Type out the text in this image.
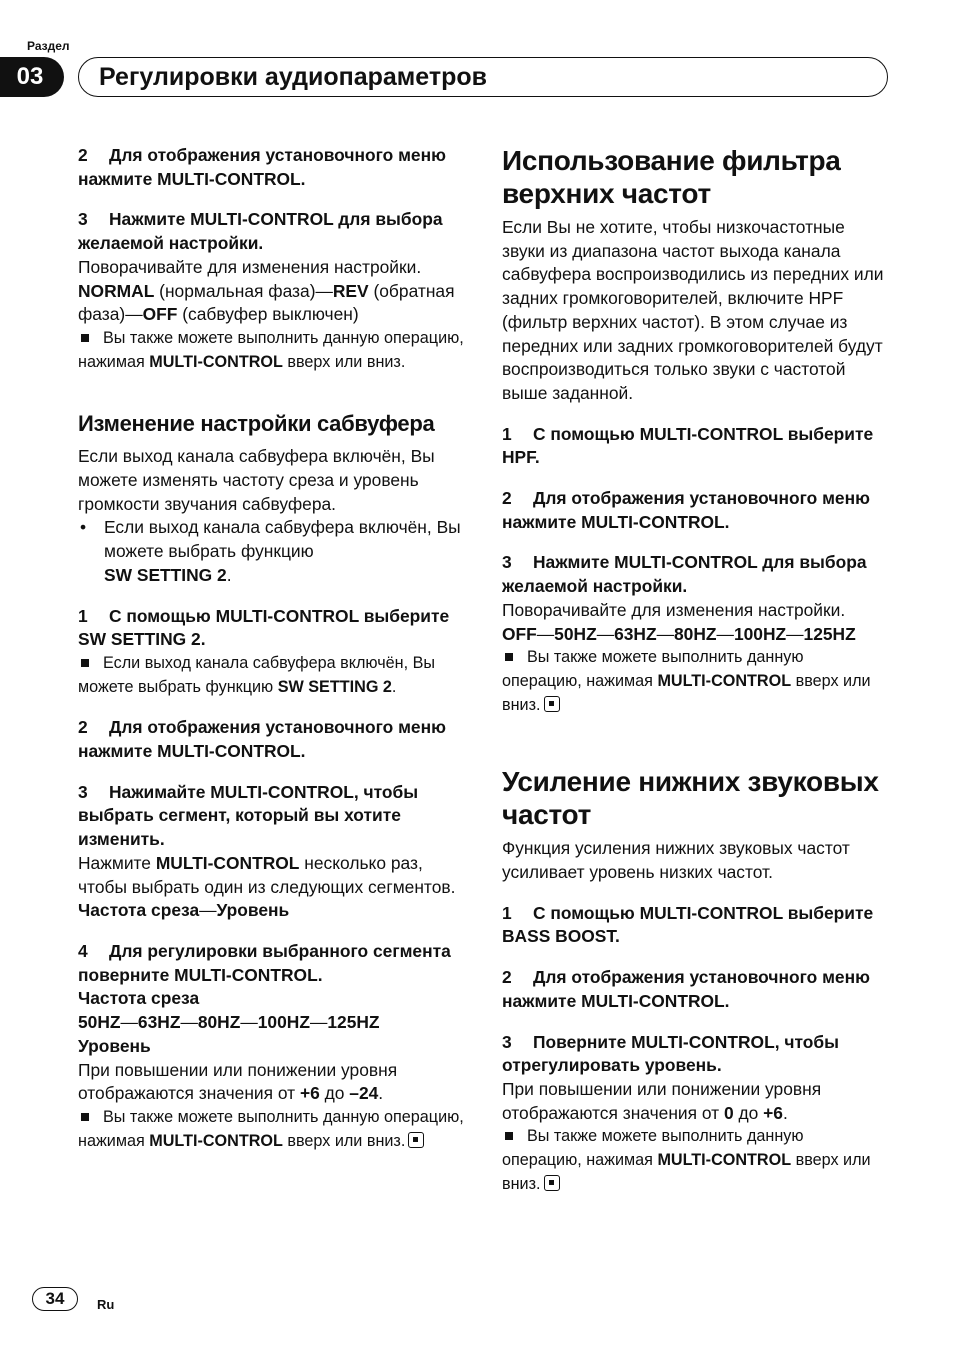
Раздел
03	Регулировки аудиопараметров

2 Для отображения установочного меню нажмите MULTI-CONTROL.

3 Нажмите MULTI-CONTROL для выбора желаемой настройки.

Поворачивайте для изменения настройки.

NORMAL (нормальная фаза)—REV (обратная фаза)—OFF (сабвуфер выключен)

Вы также можете выполнить данную операцию, нажимая MULTI-CONTROL вверх или вниз.

Изменение настройки сабвуфера

Если выход канала сабвуфера включён, Вы можете изменять частоту среза и уровень громкости звучания сабвуфера.

• Если выход канала сабвуфера включён, Вы можете выбрать функцию
SW SETTING 2.

1 С помощью MULTI-CONTROL выберите SW SETTING 2.

Если выход канала сабвуфера включён, Вы можете выбрать функцию SW SETTING 2.

2 Для отображения установочного меню нажмите MULTI-CONTROL.

3 Нажимайте MULTI-CONTROL, чтобы выбрать сегмент, который вы хотите изменить.

Нажмите MULTI-CONTROL несколько раз, чтобы выбрать один из следующих сегментов.

Частота среза—Уровень

4 Для регулировки выбранного сегмента поверните MULTI-CONTROL.

Частота среза

50HZ—63HZ—80HZ—100HZ—125HZ

Уровень

При повышении или понижении уровня отображаются значения от +6 до –24.

Вы также можете выполнить данную операцию, нажимая MULTI-CONTROL вверх или вниз.

Использование фильтра верхних частот

Если Вы не хотите, чтобы низкочастотные звуки из диапазона частот выхода канала сабвуфера воспроизводились из передних или задних громкоговорителей, включите HPF (фильтр верхних частот). В этом случае из передних или задних громкоговорителей будут воспроизводиться только звуки с частотой выше заданной.

1 С помощью MULTI-CONTROL выберите HPF.

2 Для отображения установочного меню нажмите MULTI-CONTROL.

3 Нажмите MULTI-CONTROL для выбора желаемой настройки.

Поворачивайте для изменения настройки.

OFF—50HZ—63HZ—80HZ—100HZ—125HZ

Вы также можете выполнить данную операцию, нажимая MULTI-CONTROL вверх или вниз.

Усиление нижних звуковых частот

Функция усиления нижних звуковых частот усиливает уровень низких частот.

1 С помощью MULTI-CONTROL выберите BASS BOOST.

2 Для отображения установочного меню нажмите MULTI-CONTROL.

3 Поверните MULTI-CONTROL, чтобы отрегулировать уровень.

При повышении или понижении уровня отображаются значения от 0 до +6.

Вы также можете выполнить данную операцию, нажимая MULTI-CONTROL вверх или вниз.

34	Ru
